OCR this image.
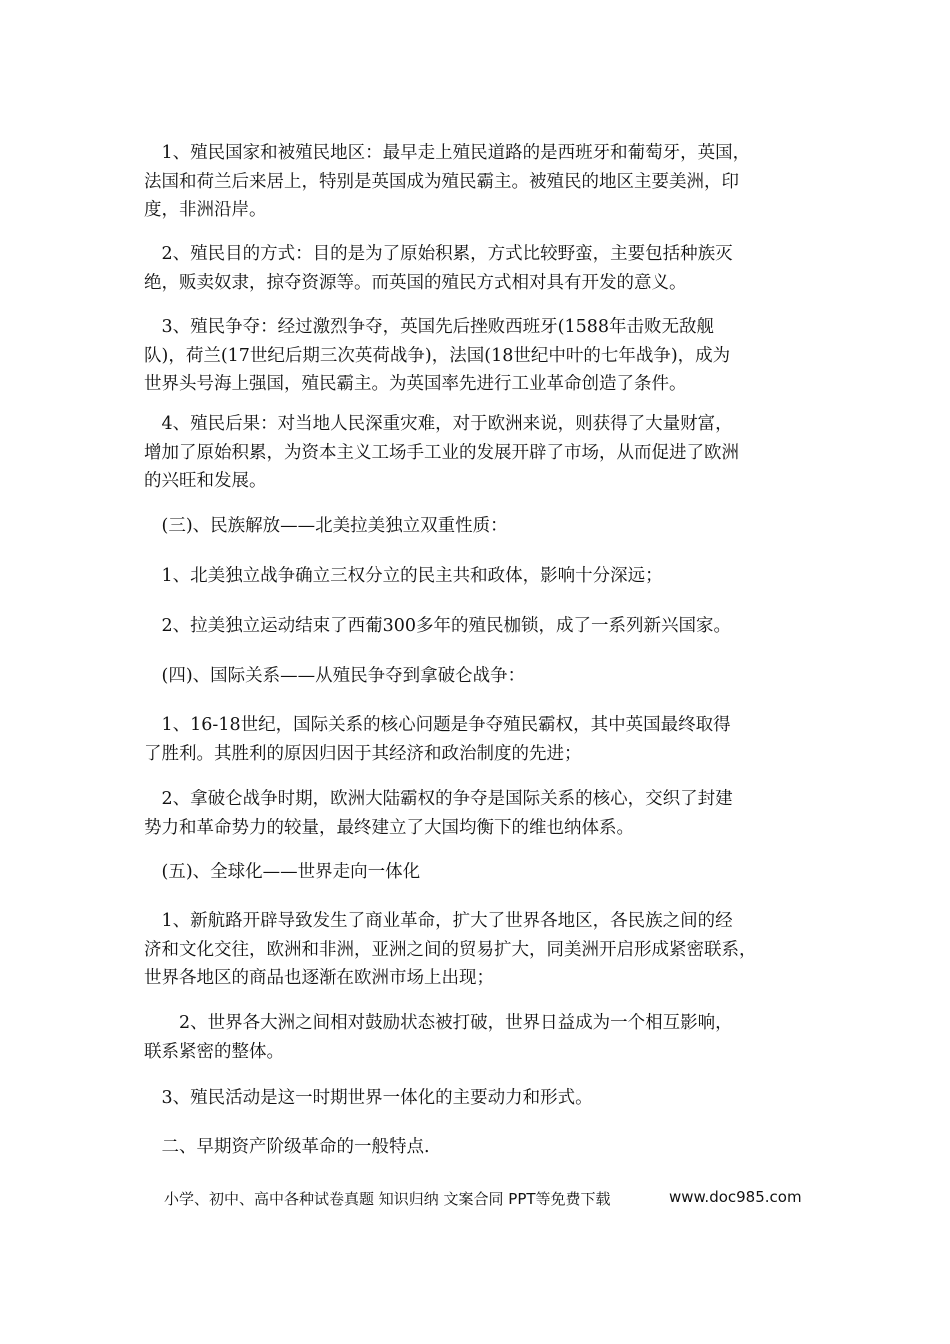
　1、殖民国家和被殖民地区：最早走上殖民道路的是西班牙和葡萄牙，英国，
法国和荷兰后来居上，特别是英国成为殖民霸主。被殖民的地区主要美洲，印
度，非洲沿岸。

　2、殖民目的方式：目的是为了原始积累，方式比较野蛮，主要包括种族灭
绝，贩卖奴隶，掠夺资源等。而英国的殖民方式相对具有开发的意义。

　3、殖民争夺：经过激烈争夺，英国先后挫败西班牙(1588年击败无敌舰
队)，荷兰(17世纪后期三次英荷战争)，法国(18世纪中叶的七年战争)，成为
世界头号海上强国，殖民霸主。为英国率先进行工业革命创造了条件。

　4、殖民后果：对当地人民深重灾难，对于欧洲来说，则获得了大量财富，
增加了原始积累，为资本主义工场手工业的发展开辟了市场，从而促进了欧洲
的兴旺和发展。

　(三)、民族解放——北美拉美独立双重性质：

　1、北美独立战争确立三权分立的民主共和政体，影响十分深远；

　2、拉美独立运动结束了西葡300多年的殖民枷锁，成了一系列新兴国家。

　(四)、国际关系——从殖民争夺到拿破仑战争：

　1、16-18世纪，国际关系的核心问题是争夺殖民霸权，其中英国最终取得
了胜利。其胜利的原因归因于其经济和政治制度的先进；

　2、拿破仑战争时期，欧洲大陆霸权的争夺是国际关系的核心，交织了封建
势力和革命势力的较量，最终建立了大国均衡下的维也纳体系。

　(五)、全球化——世界走向一体化

　1、新航路开辟导致发生了商业革命，扩大了世界各地区，各民族之间的经
济和文化交往，欧洲和非洲，亚洲之间的贸易扩大，同美洲开启形成紧密联系，
世界各地区的商品也逐渐在欧洲市场上出现；

　　2、世界各大洲之间相对鼓励状态被打破，世界日益成为一个相互影响，
联系紧密的整体。

　3、殖民活动是这一时期世界一体化的主要动力和形式。

　二、早期资产阶级革命的一般特点.

小学、初中、高中各种试卷真题 知识归纳 文案合同 PPT等免费下载	www.doc985.com
